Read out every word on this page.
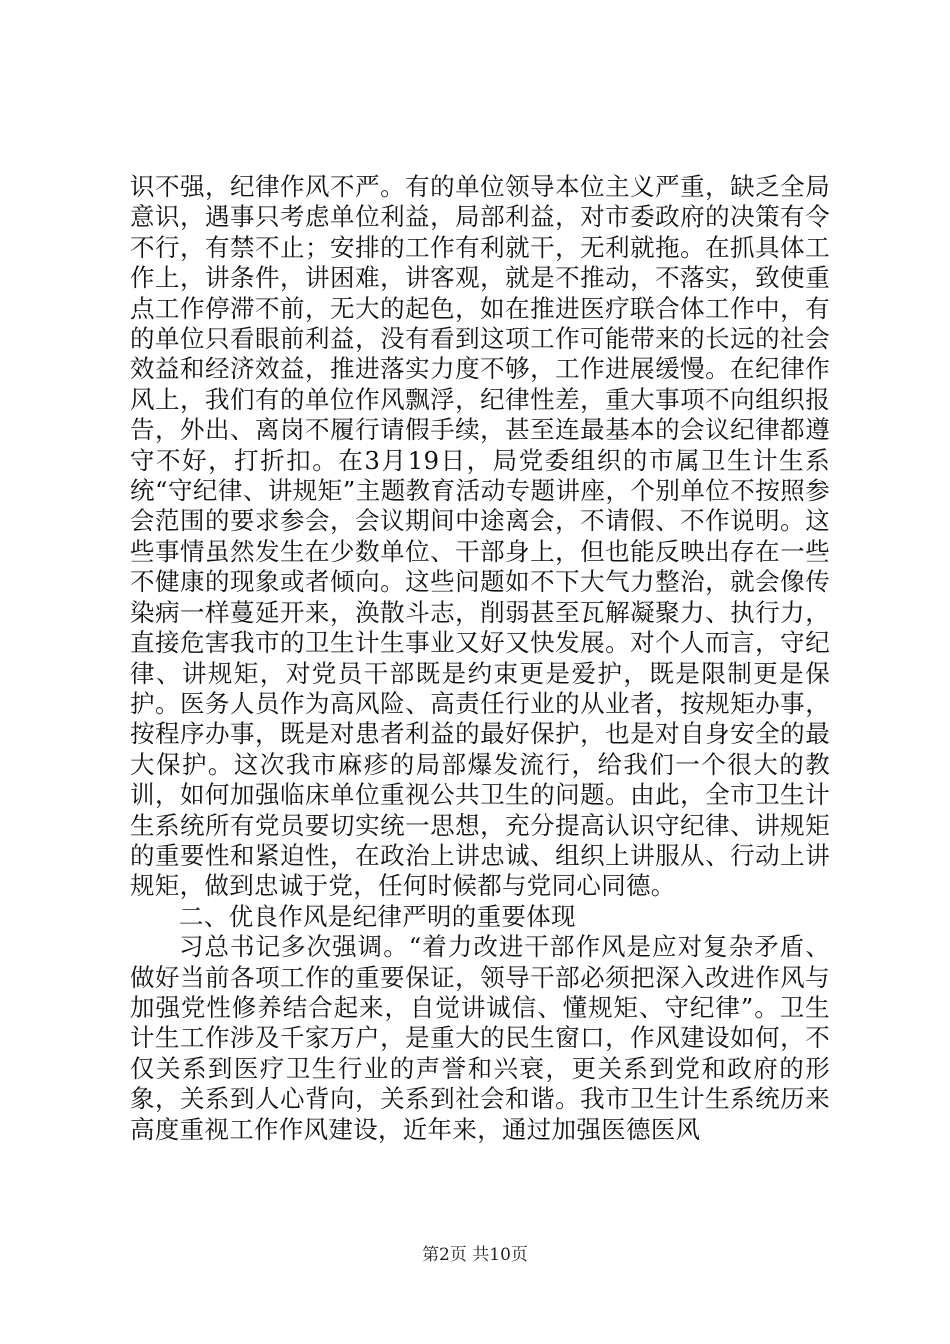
识不强，纪律作风不严。有的单位领导本位主义严重，缺乏全局意识，遇事只考虑单位利益，局部利益，对市委政府的决策有令不行，有禁不止；安排的工作有利就干，无利就拖。在抓具体工作上，讲条件，讲困难，讲客观，就是不推动，不落实，致使重点工作停滞不前，无大的起色，如在推进医疗联合体工作中，有的单位只看眼前利益，没有看到这项工作可能带来的长远的社会效益和经济效益，推进落实力度不够，工作进展缓慢。在纪律作风上，我们有的单位作风飘浮，纪律性差，重大事项不向组织报告，外出、离岗不履行请假手续，甚至连最基本的会议纪律都遵守不好，打折扣。在3月19日，局党委组织的市属卫生计生系统“守纪律、讲规矩”主题教育活动专题讲座，个别单位不按照参会范围的要求参会，会议期间中途离会，不请假、不作说明。这些事情虽然发生在少数单位、干部身上，但也能反映出存在一些不健康的现象或者倾向。这些问题如不下大气力整治，就会像传染病一样蔓延开来，涣散斗志，削弱甚至瓦解凝聚力、执行力，直接危害我市的卫生计生事业又好又快发展。对个人而言，守纪律、讲规矩，对党员干部既是约束更是爱护，既是限制更是保护。医务人员作为高风险、高责任行业的从业者，按规矩办事，按程序办事，既是对患者利益的最好保护，也是对自身安全的最大保护。这次我市麻疹的局部爆发流行，给我们一个很大的教训，如何加强临床单位重视公共卫生的问题。由此，全市卫生计生系统所有党员要切实统一思想，充分提高认识守纪律、讲规矩的重要性和紧迫性，在政治上讲忠诚、组织上讲服从、行动上讲规矩，做到忠诚于党，任何时候都与党同心同德。

二、优良作风是纪律严明的重要体现

习总书记多次强调。“着力改进干部作风是应对复杂矛盾、做好当前各项工作的重要保证，领导干部必须把深入改进作风与加强党性修养结合起来，自觉讲诚信、懂规矩、守纪律”。卫生计生工作涉及千家万户，是重大的民生窗口，作风建设如何，不仅关系到医疗卫生行业的声誉和兴衰，更关系到党和政府的形象，关系到人心背向，关系到社会和谐。我市卫生计生系统历来高度重视工作作风建设，近年来，通过加强医德医风

第2页 共10页
